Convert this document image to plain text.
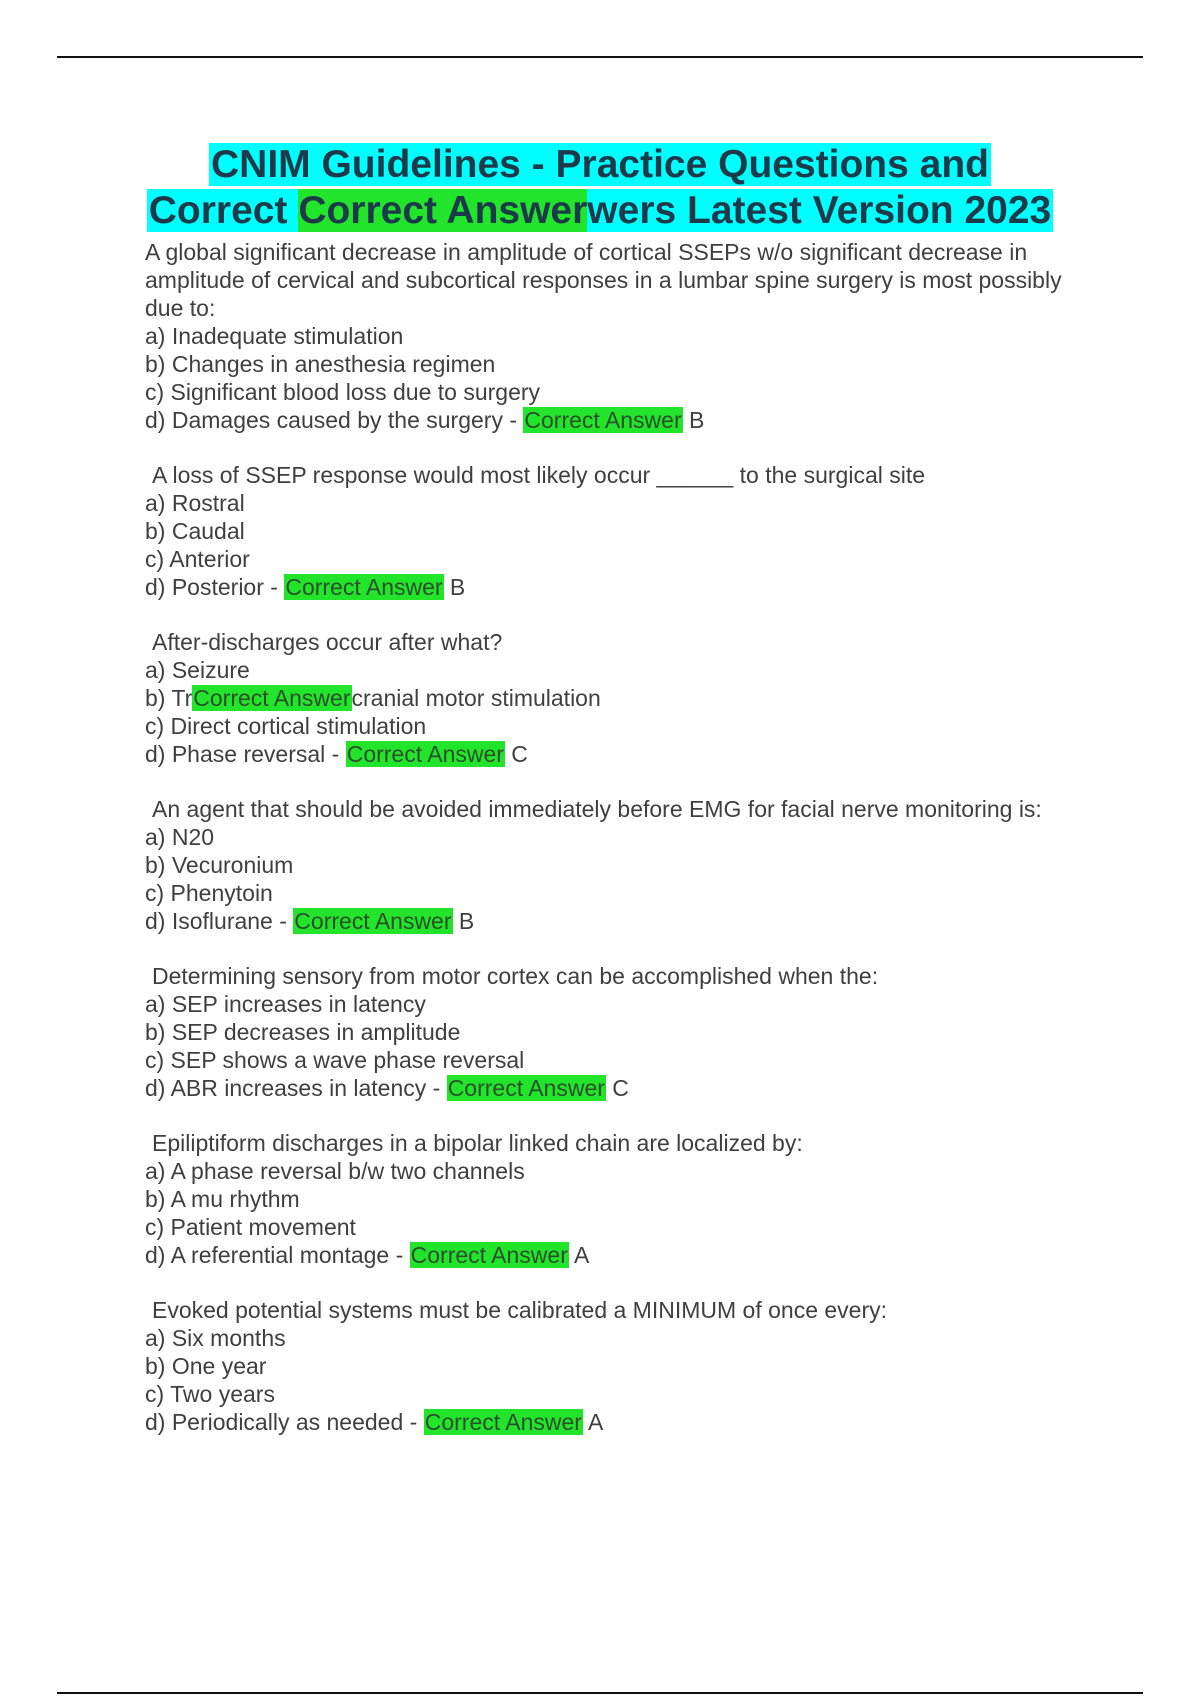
CNIM Guidelines - Practice Questions and
Correct Correct Answerwers Latest Version 2023

A global significant decrease in amplitude of cortical SSEPs w/o significant decrease in amplitude of cervical and subcortical responses in a lumbar spine surgery is most possibly due to:

a) Inadequate stimulation

b) Changes in anesthesia regimen

c) Significant blood loss due to surgery

d) Damages caused by the surgery - Correct Answer B

A loss of SSEP response would most likely occur ______ to the surgical site

a) Rostral

b) Caudal

c) Anterior

d) Posterior - Correct Answer B

After-discharges occur after what?

a) Seizure

b) TrCorrect Answercranial motor stimulation

c) Direct cortical stimulation

d) Phase reversal - Correct Answer C

An agent that should be avoided immediately before EMG for facial nerve monitoring is:

a) N20

b) Vecuronium

c) Phenytoin

d) Isoflurane - Correct Answer B

Determining sensory from motor cortex can be accomplished when the:

a) SEP increases in latency

b) SEP decreases in amplitude

c) SEP shows a wave phase reversal

d) ABR increases in latency - Correct Answer C

Epiliptiform discharges in a bipolar linked chain are localized by:

a) A phase reversal b/w two channels

b) A mu rhythm

c) Patient movement

d) A referential montage - Correct Answer A

Evoked potential systems must be calibrated a MINIMUM of once every:

a) Six months

b) One year

c) Two years

d) Periodically as needed - Correct Answer A
